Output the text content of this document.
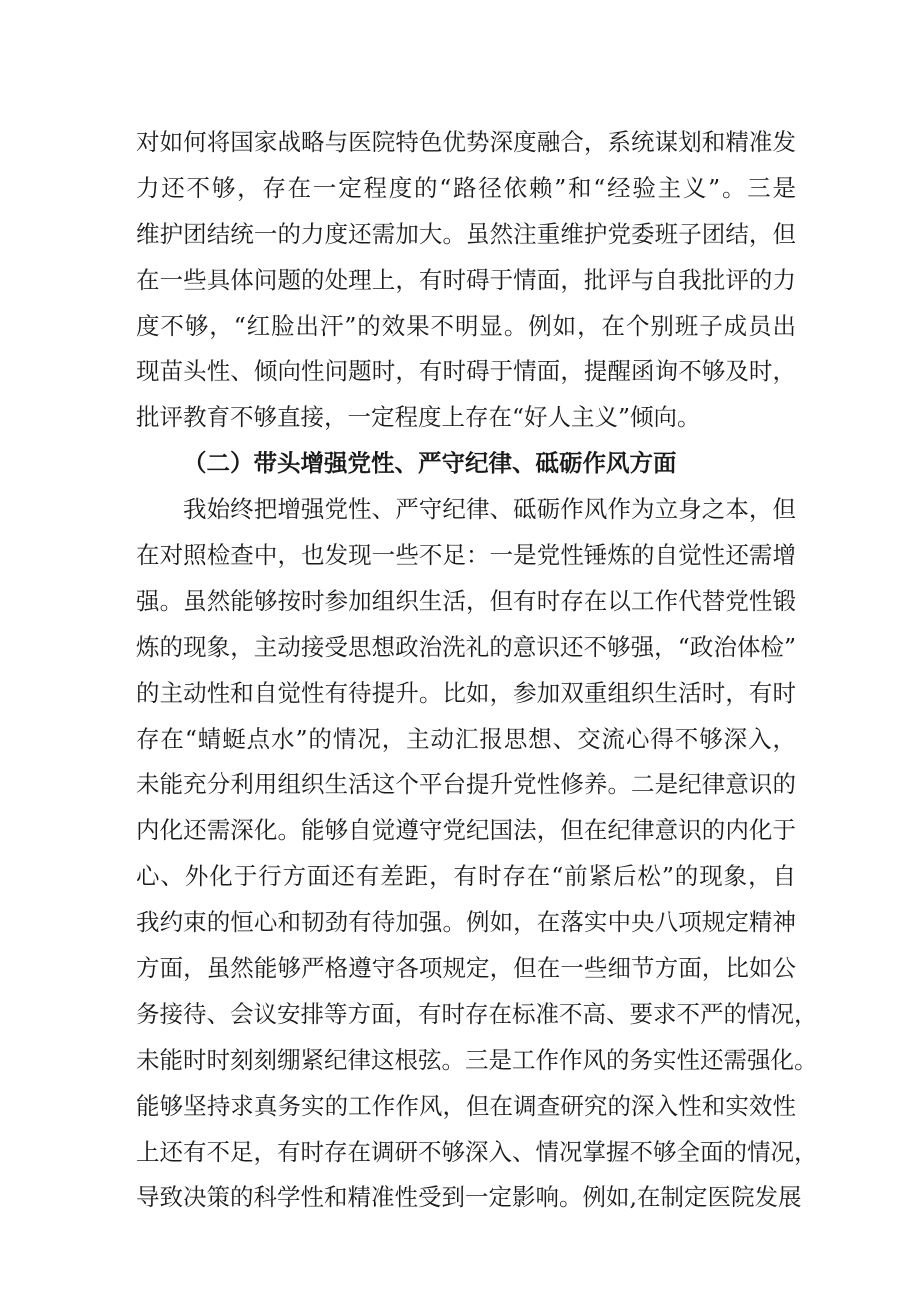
对如何将国家战略与医院特色优势深度融合，系统谋划和精准发
力还不够，存在一定程度的“路径依赖”和“经验主义”。三是
维护团结统一的力度还需加大。虽然注重维护党委班子团结，但
在一些具体问题的处理上，有时碍于情面，批评与自我批评的力
度不够，“红脸出汗”的效果不明显。例如，在个别班子成员出
现苗头性、倾向性问题时，有时碍于情面，提醒函询不够及时，
批评教育不够直接，一定程度上存在“好人主义”倾向。
（二）带头增强党性、严守纪律、砥砺作风方面
我始终把增强党性、严守纪律、砥砺作风作为立身之本，但
在对照检查中，也发现一些不足：一是党性锤炼的自觉性还需增
强。虽然能够按时参加组织生活，但有时存在以工作代替党性锻
炼的现象，主动接受思想政治洗礼的意识还不够强，“政治体检”
的主动性和自觉性有待提升。比如，参加双重组织生活时，有时
存在“蜻蜓点水”的情况，主动汇报思想、交流心得不够深入，
未能充分利用组织生活这个平台提升党性修养。二是纪律意识的
内化还需深化。能够自觉遵守党纪国法，但在纪律意识的内化于
心、外化于行方面还有差距，有时存在“前紧后松”的现象，自
我约束的恒心和韧劲有待加强。例如，在落实中央八项规定精神
方面，虽然能够严格遵守各项规定，但在一些细节方面，比如公
务接待、会议安排等方面，有时存在标准不高、要求不严的情况，
未能时时刻刻绷紧纪律这根弦。三是工作作风的务实性还需强化。
能够坚持求真务实的工作作风，但在调查研究的深入性和实效性
上还有不足，有时存在调研不够深入、情况掌握不够全面的情况，
导致决策的科学性和精准性受到一定影响。例如,在制定医院发展
